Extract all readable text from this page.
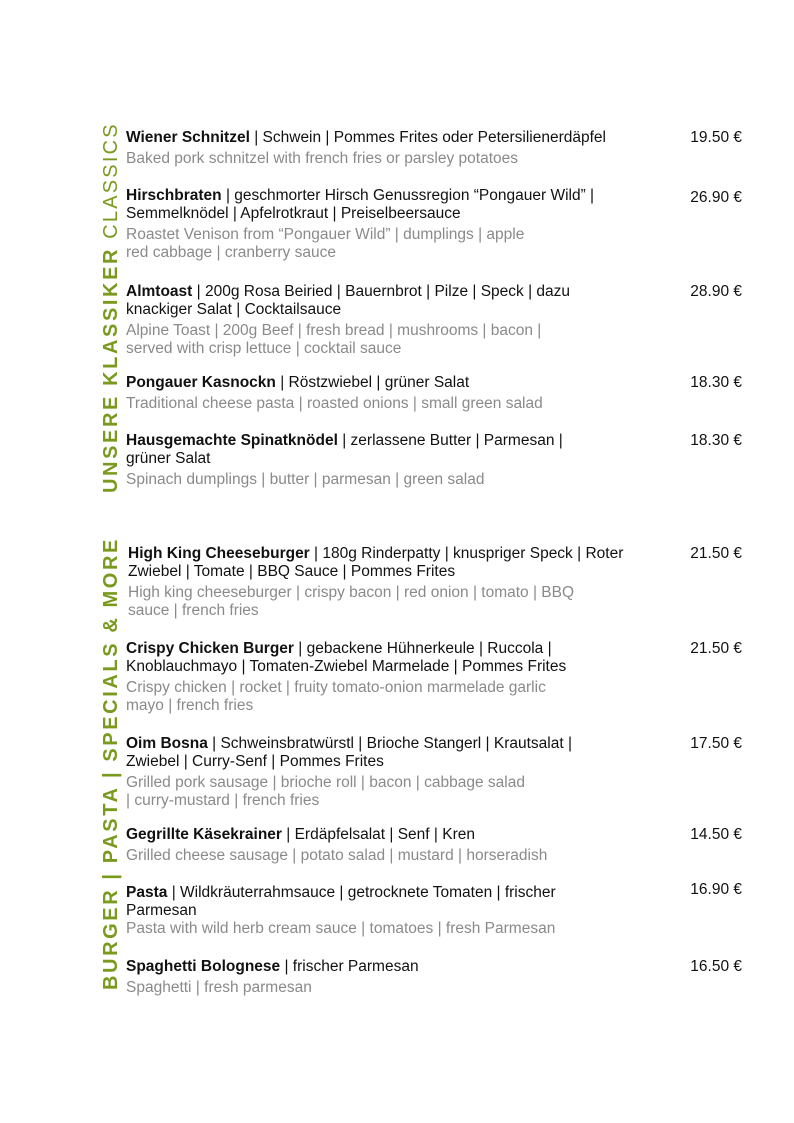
UNSERE KLASSIKER CLASSICS
BURGER | PASTA | SPECIALS & MORE
Wiener Schnitzel | Schwein | Pommes Frites oder Petersilienerdäpfel
Baked pork schnitzel with french fries or parsley potatoes
19.50 €
Hirschbraten | geschmorter Hirsch Genussregion “Pongauer Wild” | Semmelknödel | Apfelrotkraut | Preiselbeersauce
Roastet Venison from “Pongauer Wild” | dumplings | apple red cabbage | cranberry sauce
26.90 €
Almtoast | 200g Rosa Beiried | Bauernbrot | Pilze | Speck | dazu knackiger Salat | Cocktailsauce
Alpine Toast | 200g Beef | fresh bread | mushrooms | bacon | served with crisp lettuce | cocktail sauce
28.90 €
Pongauer Kasnockn | Röstzwiebel | grüner Salat
Traditional cheese pasta | roasted onions | small green salad
18.30 €
Hausgemachte Spinatknödel | zerlassene Butter | Parmesan | grüner Salat
Spinach dumplings | butter | parmesan | green salad
18.30 €
High King Cheeseburger | 180g Rinderpatty | knuspriger Speck | Roter Zwiebel | Tomate | BBQ Sauce | Pommes Frites
High king cheeseburger | crispy bacon | red onion | tomato | BBQ sauce | french fries
21.50 €
Crispy Chicken Burger | gebackene Hühnerkeule | Ruccola | Knoblauchmayo | Tomaten-Zwiebel Marmelade | Pommes Frites
Crispy chicken | rocket | fruity tomato-onion marmelade garlic mayo | french fries
21.50 €
Oim Bosna | Schweinsbratwürstl | Brioche Stangerl | Krautsalat | Zwiebel | Curry-Senf | Pommes Frites
Grilled pork sausage | brioche roll | bacon | cabbage salad | curry-mustard | french fries
17.50 €
Gegrillte Käsekrainer | Erdäpfelsalat | Senf | Kren
Grilled cheese sausage | potato salad | mustard | horseradish
14.50 €
Pasta | Wildkräuterrahmsauce | getrocknete Tomaten | frischer Parmesan
Pasta with wild herb cream sauce | tomatoes | fresh Parmesan
16.90 €
Spaghetti Bolognese | frischer Parmesan
Spaghetti | fresh parmesan
16.50 €
